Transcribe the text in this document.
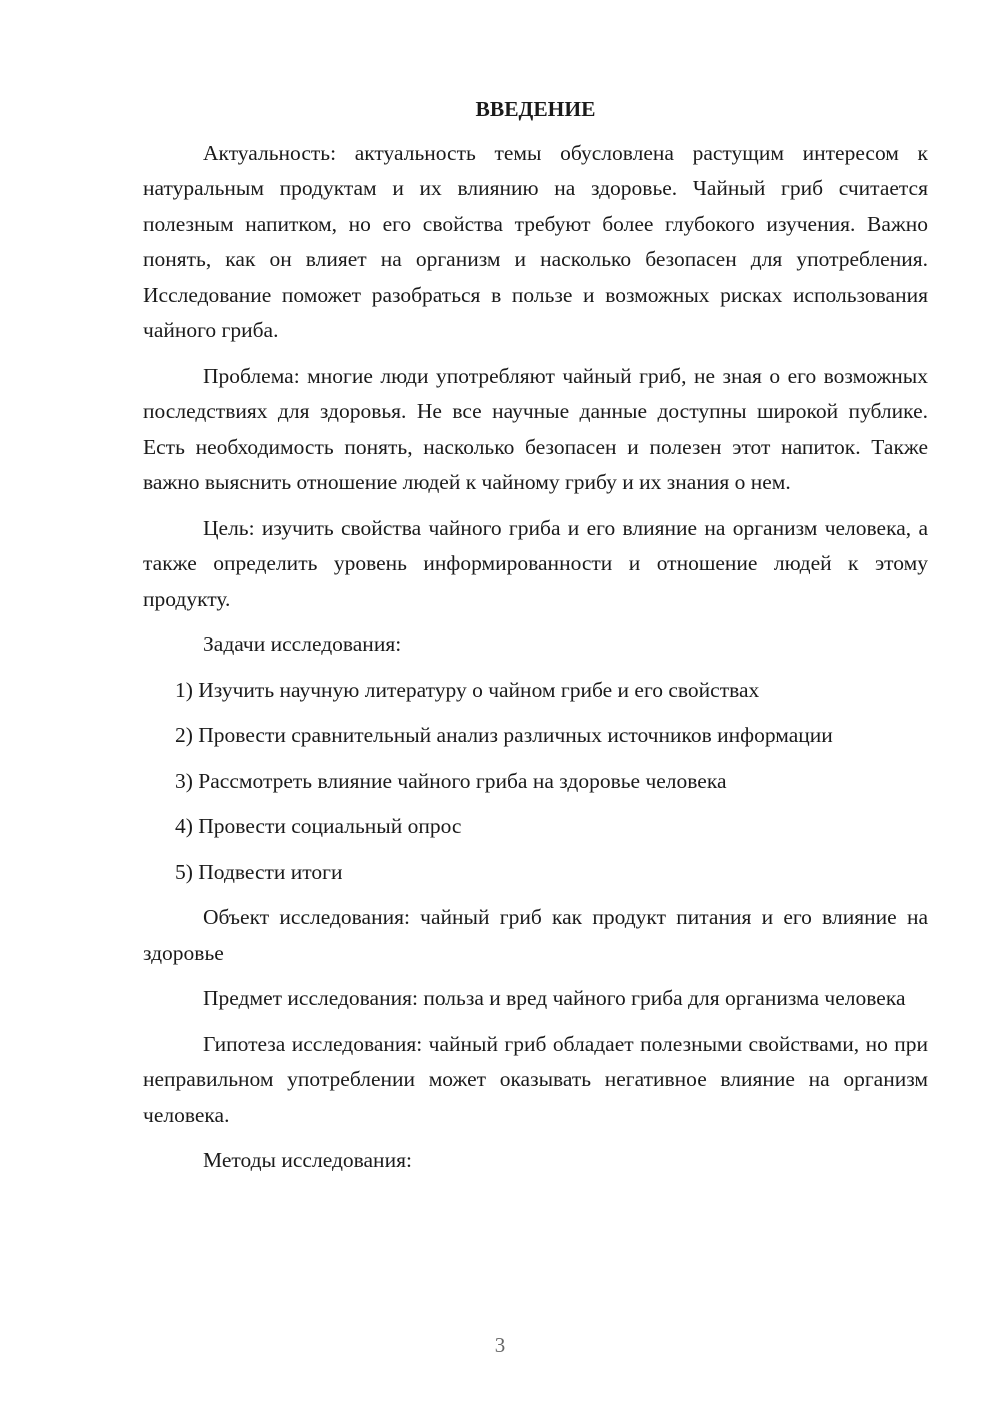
ВВЕДЕНИЕ

Актуальность: актуальность темы обусловлена растущим интересом к натуральным продуктам и их влиянию на здоровье. Чайный гриб считается полезным напитком, но его свойства требуют более глубокого изучения. Важно понять, как он влияет на организм и насколько безопасен для употребления. Исследование поможет разобраться в пользе и возможных рисках использования чайного гриба.

Проблема: многие люди употребляют чайный гриб, не зная о его возможных последствиях для здоровья. Не все научные данные доступны широкой публике. Есть необходимость понять, насколько безопасен и полезен этот напиток. Также важно выяснить отношение людей к чайному грибу и их знания о нем.

Цель: изучить свойства чайного гриба и его влияние на организм человека, а также определить уровень информированности и отношение людей к этому продукту.

Задачи исследования:

1) Изучить научную литературу о чайном грибе и его свойствах

2) Провести сравнительный анализ различных источников информации

3) Рассмотреть влияние чайного гриба на здоровье человека

4) Провести социальный опрос

5) Подвести итоги

Объект исследования: чайный гриб как продукт питания и его влияние на здоровье

Предмет исследования: польза и вред чайного гриба для организма человека

Гипотеза исследования: чайный гриб обладает полезными свойствами, но при неправильном употреблении может оказывать негативное влияние на организм человека.

Методы исследования:

3
